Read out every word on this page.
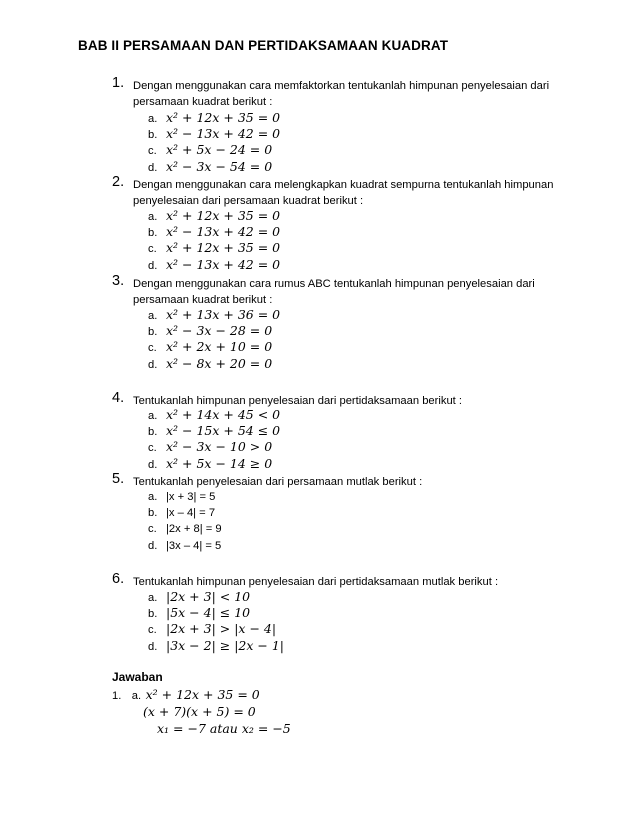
BAB II PERSAMAAN DAN PERTIDAKSAMAAN KUADRAT
1. Dengan menggunakan cara memfaktorkan tentukanlah himpunan penyelesaian dari
persamaan kuadrat berikut :
a. x² + 12x + 35 = 0
b. x² − 13x + 42 = 0
c. x² + 5x − 24 = 0
d. x² − 3x − 54 = 0
2. Dengan menggunakan cara melengkapkan kuadrat sempurna tentukanlah himpunan
penyelesaian dari persamaan kuadrat berikut :
a. x² + 12x + 35 = 0
b. x² − 13x + 42 = 0
c. x² + 12x + 35 = 0
d. x² − 13x + 42 = 0
3. Dengan menggunakan cara rumus ABC tentukanlah himpunan penyelesaian dari
persamaan kuadrat berikut :
a. x² + 13x + 36 = 0
b. x² − 3x − 28 = 0
c. x² + 2x + 10 = 0
d. x² − 8x + 20 = 0
4. Tentukanlah himpunan penyelesaian dari pertidaksamaan berikut :
a. x² + 14x + 45 < 0
b. x² − 15x + 54 ≤ 0
c. x² − 3x − 10 > 0
d. x² + 5x − 14 ≥ 0
5. Tentukanlah penyelesaian dari persamaan mutlak berikut :
a. |x + 3| = 5
b. |x – 4| = 7
c. |2x + 8| = 9
d. |3x – 4| = 5
6. Tentukanlah himpunan penyelesaian dari pertidaksamaan mutlak berikut :
a. |2x + 3| < 10
b. |5x − 4| ≤ 10
c. |2x + 3| > |x − 4|
d. |3x − 2| ≥ |2x − 1|
Jawaban
1. a. x² + 12x + 35 = 0
(x + 7)(x + 5) = 0
x₁ = −7 atau x₂ = −5
